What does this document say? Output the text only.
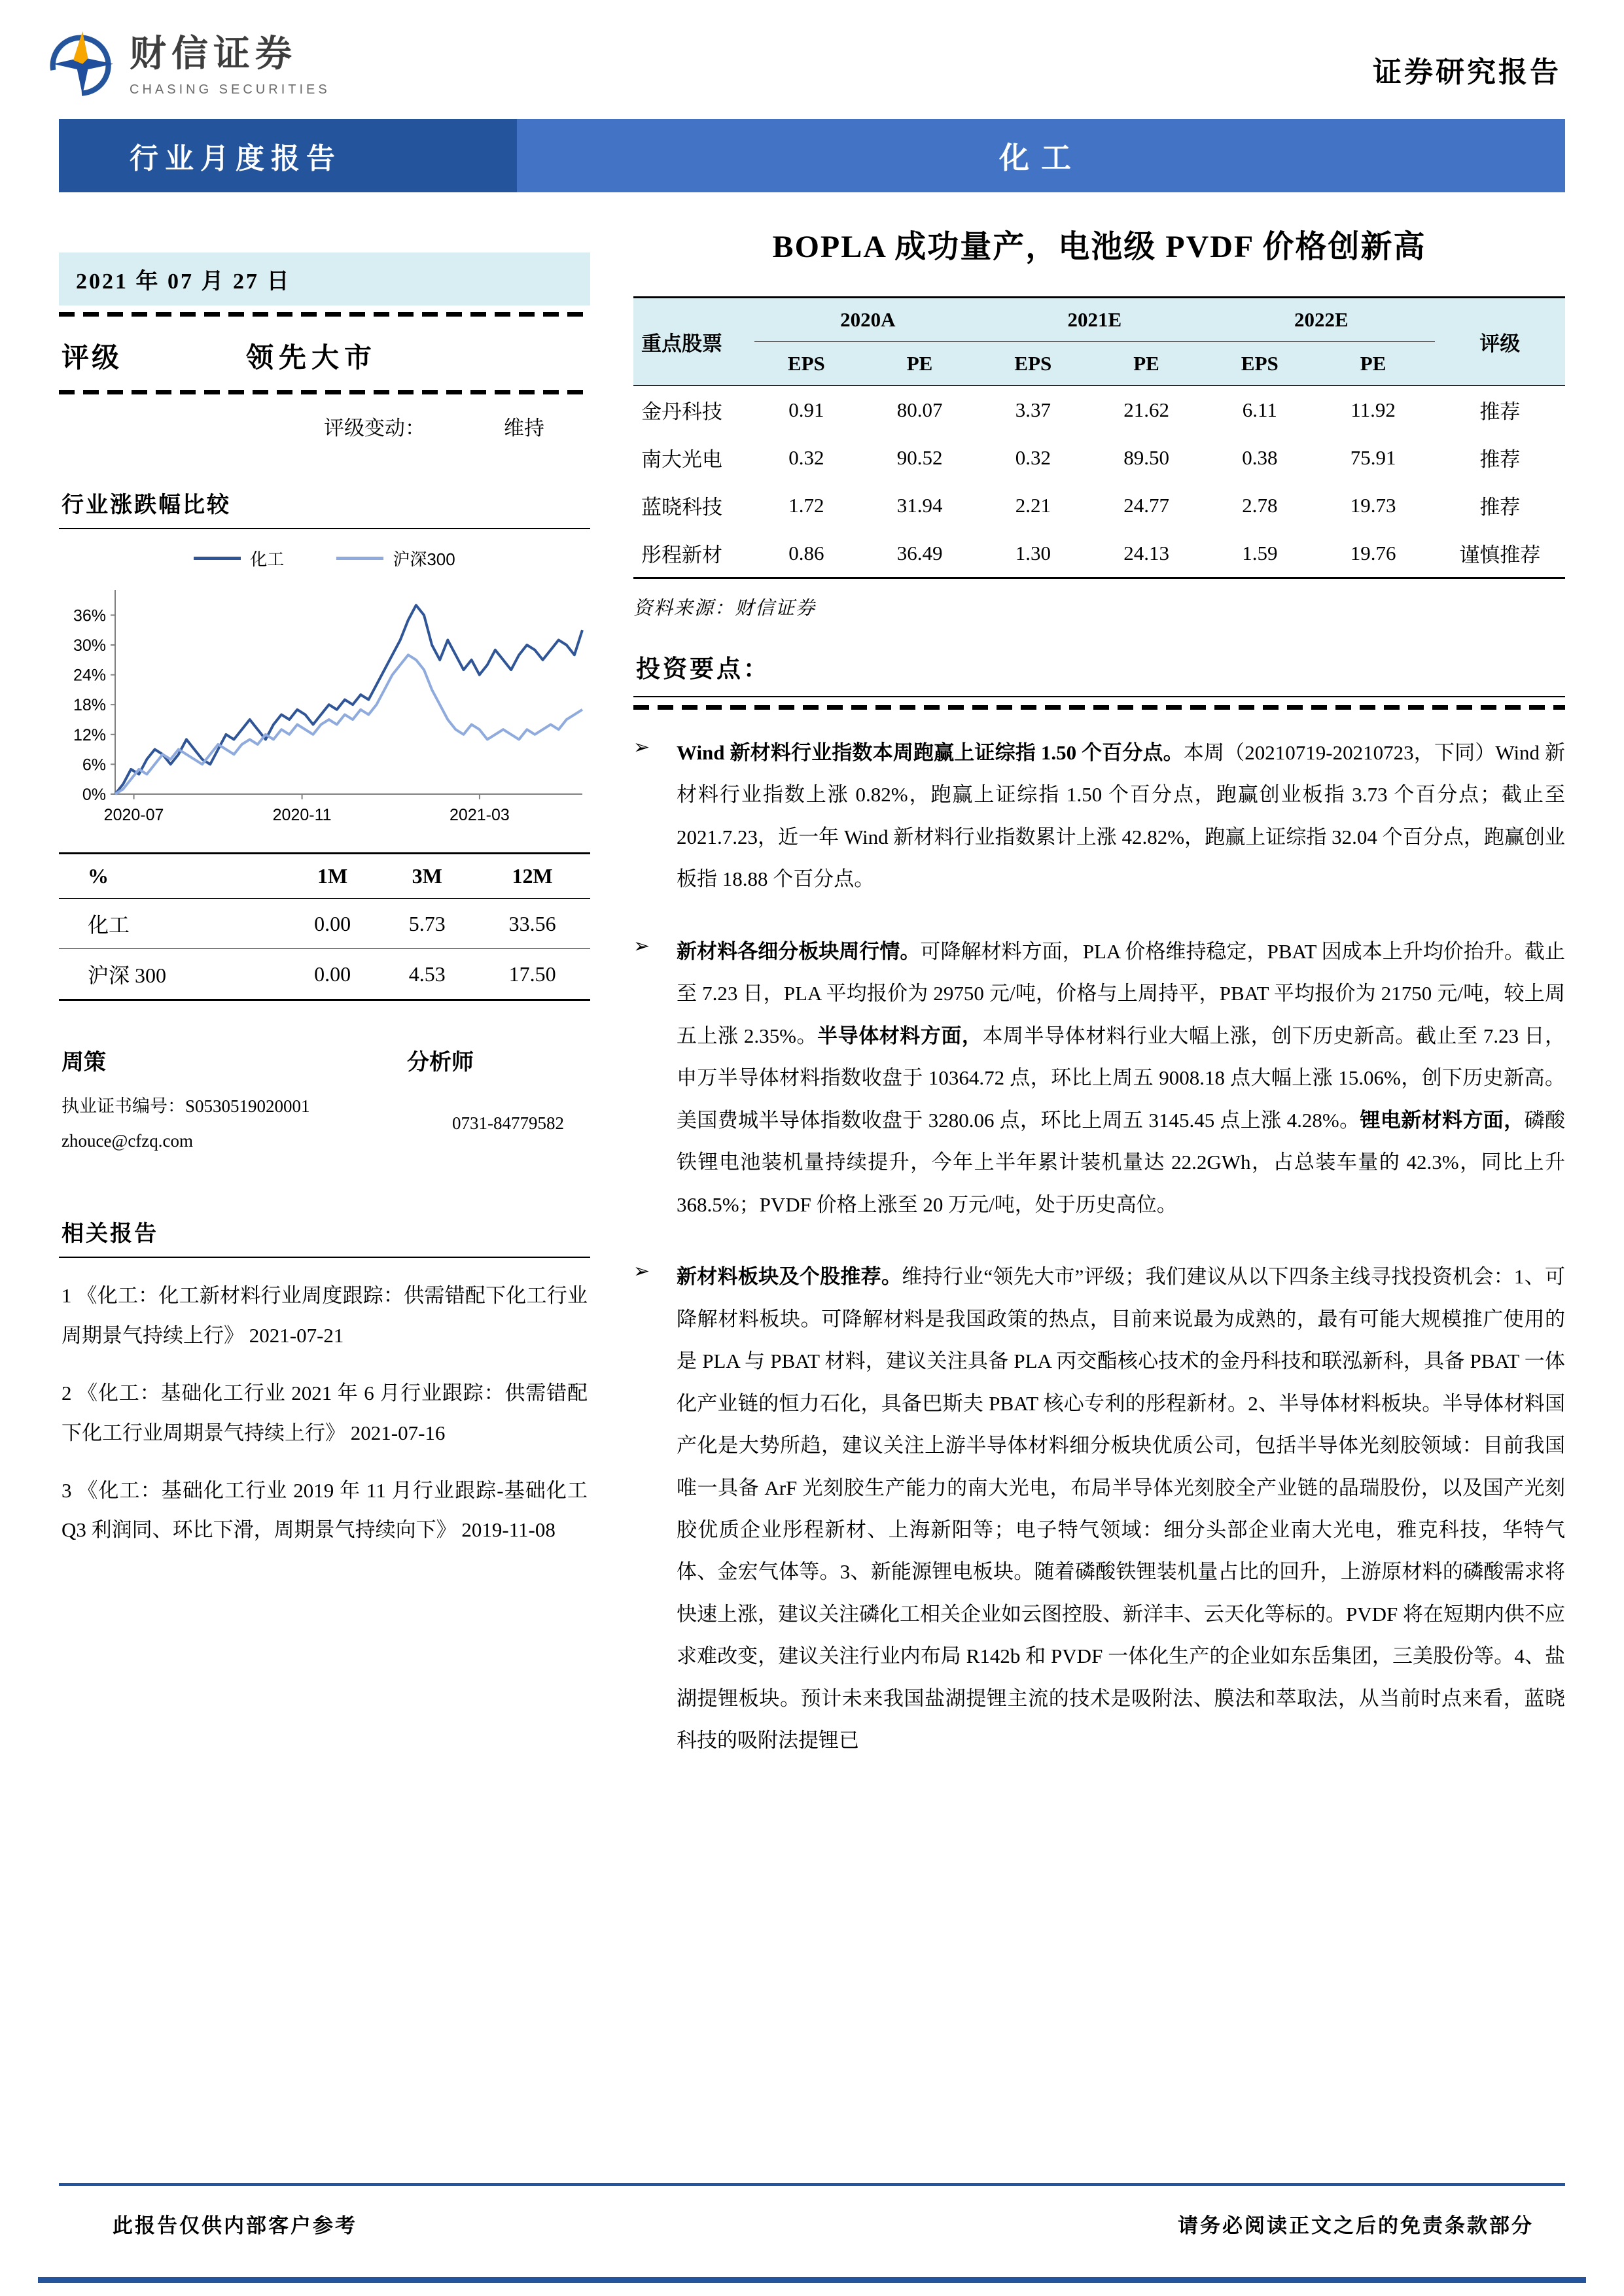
财信证券
CHASING SECURITIES
证券研究报告
行业月度报告	化工
2021 年 07 月 27 日
评级	领先大市
评级变动：	维持
行业涨跌幅比较
化工	沪深300
0%
6%
12%
18%
24%
30%
36%
2020-07	2020-11	2021-03
%	1M	3M	12M
化工	0.00	5.73	33.56
沪深 300	0.00	4.53	17.50
周策	分析师
执业证书编号：S0530519020001
zhouce@cfzq.com
0731-84779582
相关报告
1 《化工：化工新材料行业周度跟踪：供需错配下化工行业周期景气持续上行》 2021-07-21
2 《化工：基础化工行业 2021 年 6 月行业跟踪：供需错配下化工行业周期景气持续上行》 2021-07-16
3 《化工：基础化工行业 2019 年 11 月行业跟踪-基础化工 Q3 利润同、环比下滑，周期景气持续向下》 2019-11-08
BOPLA 成功量产，电池级 PVDF 价格创新高
重点股票	2020A		2021E		2022E		评级
	EPS	PE	EPS	PE	EPS	PE	
金丹科技	0.91	80.07	3.37	21.62	6.11	11.92	推荐
南大光电	0.32	90.52	0.32	89.50	0.38	75.91	推荐
蓝晓科技	1.72	31.94	2.21	24.77	2.78	19.73	推荐
彤程新材	0.86	36.49	1.30	24.13	1.59	19.76	谨慎推荐
资料来源：财信证券
投资要点：
➢	Wind 新材料行业指数本周跑赢上证综指 1.50 个百分点。本周（20210719-20210723，下同）Wind 新材料行业指数上涨 0.82%，跑赢上证综指 1.50 个百分点，跑赢创业板指 3.73 个百分点；截止至 2021.7.23，近一年 Wind 新材料行业指数累计上涨 42.82%，跑赢上证综指 32.04 个百分点，跑赢创业板指 18.88 个百分点。
➢	新材料各细分板块周行情。可降解材料方面，PLA 价格维持稳定，PBAT 因成本上升均价抬升。截止至 7.23 日，PLA 平均报价为 29750 元/吨，价格与上周持平，PBAT 平均报价为 21750 元/吨，较上周五上涨 2.35%。半导体材料方面，本周半导体材料行业大幅上涨，创下历史新高。截止至 7.23 日，申万半导体材料指数收盘于 10364.72 点，环比上周五 9008.18 点大幅上涨 15.06%，创下历史新高。美国费城半导体指数收盘于 3280.06 点，环比上周五 3145.45 点上涨 4.28%。锂电新材料方面，磷酸铁锂电池装机量持续提升，今年上半年累计装机量达 22.2GWh，占总装车量的 42.3%，同比上升 368.5%；PVDF 价格上涨至 20 万元/吨，处于历史高位。
➢	新材料板块及个股推荐。维持行业“领先大市”评级；我们建议从以下四条主线寻找投资机会：1、可降解材料板块。可降解材料是我国政策的热点，目前来说最为成熟的，最有可能大规模推广使用的是 PLA 与 PBAT 材料，建议关注具备 PLA 丙交酯核心技术的金丹科技和联泓新科，具备 PBAT 一体化产业链的恒力石化，具备巴斯夫 PBAT 核心专利的彤程新材。2、半导体材料板块。半导体材料国产化是大势所趋，建议关注上游半导体材料细分板块优质公司，包括半导体光刻胶领域：目前我国唯一具备 ArF 光刻胶生产能力的南大光电，布局半导体光刻胶全产业链的晶瑞股份，以及国产光刻胶优质企业彤程新材、上海新阳等；电子特气领域：细分头部企业南大光电，雅克科技，华特气体、金宏气体等。3、新能源锂电板块。随着磷酸铁锂装机量占比的回升，上游原材料的磷酸需求将快速上涨，建议关注磷化工相关企业如云图控股、新洋丰、云天化等标的。PVDF 将在短期内供不应求难改变，建议关注行业内布局 R142b 和 PVDF 一体化生产的企业如东岳集团，三美股份等。4、盐湖提锂板块。预计未来我国盐湖提锂主流的技术是吸附法、膜法和萃取法，从当前时点来看，蓝晓科技的吸附法提锂已
此报告仅供内部客户参考	请务必阅读正文之后的免责条款部分
